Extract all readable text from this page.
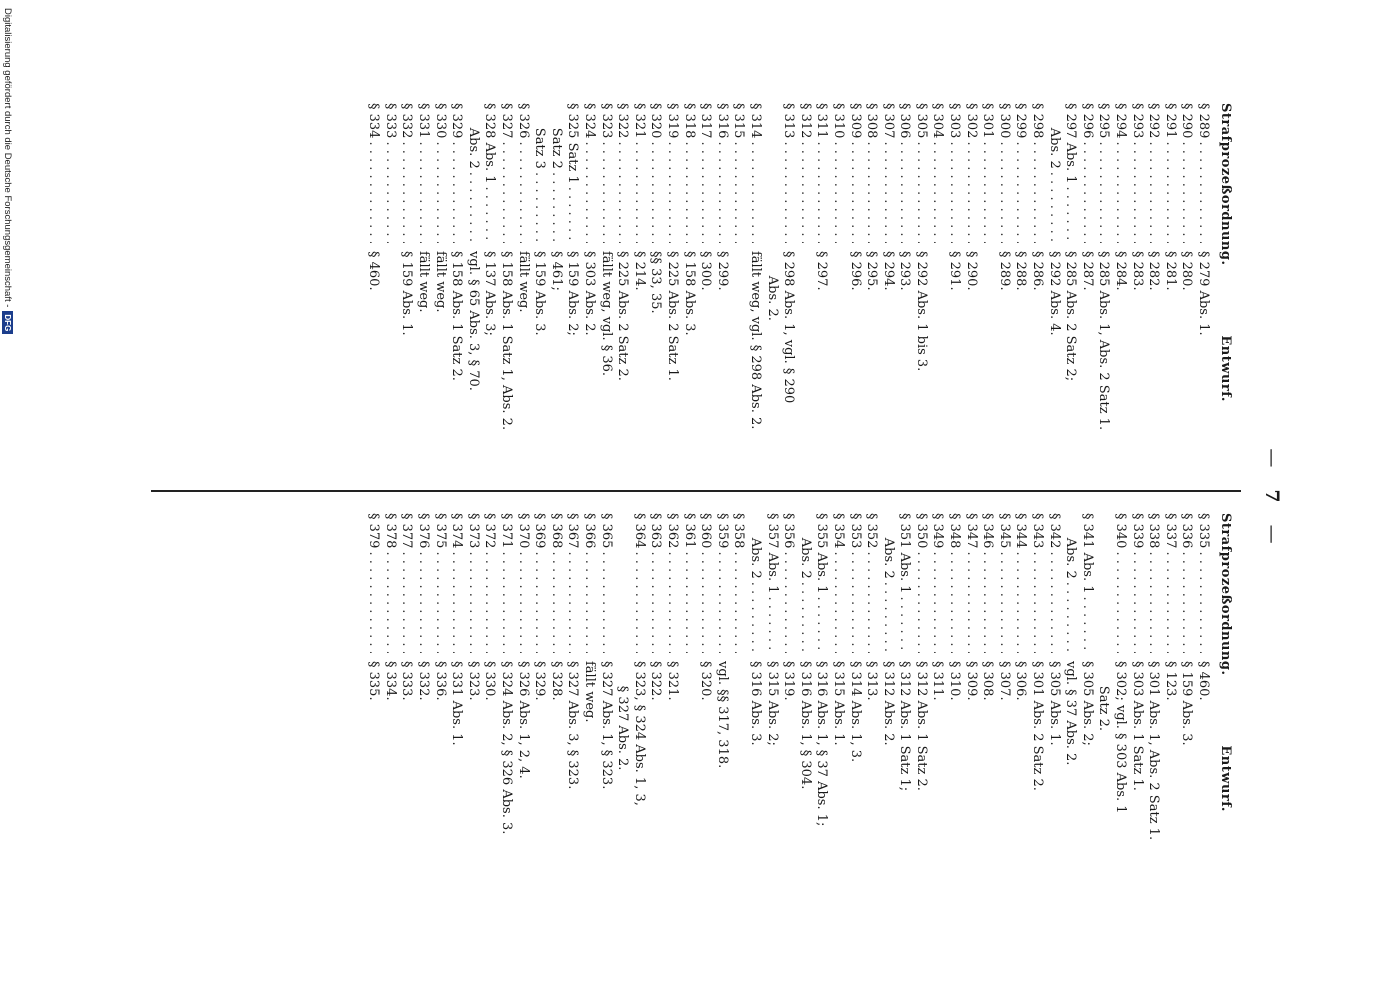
— 7 —
Strafprozeßordnung.
Entwurf.
§ 289
. . .
§ 279 Abs. 1.
§ 290
. . .
§ 280.
§ 291
. . .
§ 281.
§ 292
. . .
§ 282.
§ 293
. . .
§ 283.
§ 294
. . .
§ 284.
§ 295
. . .
§ 285 Abs. 1, Abs. 2 Satz 1.
§ 296
. . .
§ 287.
§ 297 Abs. 1
. . .
§ 285 Abs. 2 Satz 2;
Abs. 2
. . .
§ 292 Abs. 4.
§ 298
. . .
§ 286.
§ 299
. . .
§ 288.
§ 300
. . .
§ 289.
§ 301
. . .
§ 302
. . .
§ 290.
§ 303
. . .
§ 291.
§ 304
. . .
§ 305
. . .
§ 292 Abs. 1 bis 3.
§ 306
. . .
§ 293.
§ 307
. . .
§ 294.
§ 308
. . .
§ 295.
§ 309
. . .
§ 296.
§ 310
. . .
§ 311
. . .
§ 297.
§ 312
. . .
§ 313
. . .
§ 298 Abs. 1, vgl. § 290
Abs. 2.
§ 314
. . .
fällt weg, vgl. § 298 Abs. 2.
§ 315
. . .
§ 316
. . .
§ 299.
§ 317
. . .
§ 300.
§ 318
. . .
§ 158 Abs. 3.
§ 319
. . .
§ 225 Abs. 2 Satz 1.
§ 320
. . .
§§ 33, 35.
§ 321
. . .
§ 214.
§ 322
. . .
§ 225 Abs. 2 Satz 2.
§ 323
. . .
fällt weg, vgl. § 36.
§ 324
. . .
§ 303 Abs. 2.
§ 325 Satz 1
. . .
§ 159 Abs. 2;
Satz 2
. . .
§ 461;
Satz 3
. . .
§ 159 Abs. 3.
§ 326
. . .
fällt weg.
§ 327
. . .
§ 158 Abs. 1 Satz 1, Abs. 2.
§ 328 Abs. 1
. . .
§ 137 Abs. 3;
Abs. 2
. . .
vgl. § 65 Abs. 3, § 70.
§ 329
. . .
§ 158 Abs. 1 Satz 2.
§ 330
. . .
fällt weg.
§ 331
. . .
fällt weg.
§ 332
. . .
§ 159 Abs. 1.
§ 333
. . .
§ 334
. . .
§ 460.
Strafprozeßordnung.
Entwurf.
§ 335
. . .
§ 460.
§ 336
. . .
§ 159 Abs. 3.
§ 337
. . .
§ 123.
§ 338
. . .
§ 301 Abs. 1, Abs. 2 Satz 1.
§ 339
. . .
§ 303 Abs. 1 Satz 1.
§ 340
. . .
§ 302; vgl. § 303 Abs. 1
Satz 2.
§ 341 Abs. 1
. . .
§ 305 Abs. 2;
Abs. 2
. . .
vgl. § 37 Abs. 2.
§ 342
. . .
§ 305 Abs. 1.
§ 343
. . .
§ 301 Abs. 2 Satz 2.
§ 344
. . .
§ 306.
§ 345
. . .
§ 307.
§ 346
. . .
§ 308.
§ 347
. . .
§ 309.
§ 348
. . .
§ 310.
§ 349
. . .
§ 311.
§ 350
. . .
§ 312 Abs. 1 Satz 2.
§ 351 Abs. 1
. . .
§ 312 Abs. 1 Satz 1;
Abs. 2
. . .
§ 312 Abs. 2.
§ 352
. . .
§ 313.
§ 353
. . .
§ 314 Abs. 1, 3.
§ 354
. . .
§ 315 Abs. 1.
§ 355 Abs. 1
. . .
§ 316 Abs. 1, § 37 Abs. 1;
Abs. 2
. . .
§ 316 Abs. 1, § 304.
§ 356
. . .
§ 319.
§ 357 Abs. 1
. . .
§ 315 Abs. 2;
Abs. 2
. . .
§ 316 Abs. 3.
§ 358
. . .
§ 359
. . .
vgl. §§ 317, 318.
§ 360
. . .
§ 320.
§ 361
. . .
§ 362
. . .
§ 321.
§ 363
. . .
§ 322.
§ 364
. . .
§ 323, § 324 Abs. 1, 3,
§ 327 Abs. 2.
§ 365
. . .
§ 327 Abs. 1, § 323.
§ 366
. . .
fällt weg.
§ 367
. . .
§ 327 Abs. 3, § 323.
§ 368
. . .
§ 328.
§ 369
. . .
§ 329.
§ 370
. . .
§ 326 Abs. 1, 2, 4.
§ 371
. . .
§ 324 Abs. 2, § 326 Abs. 3.
§ 372
. . .
§ 330.
§ 373
. . .
§ 323.
§ 374
. . .
§ 331 Abs. 1.
§ 375
. . .
§ 336.
§ 376
. . .
§ 332.
§ 377
. . .
§ 333.
§ 378
. . .
§ 334.
§ 379
. . .
§ 335.
Digitalisierung gefördert durch die Deutsche Forschungsgemeinschaft -
DFG
